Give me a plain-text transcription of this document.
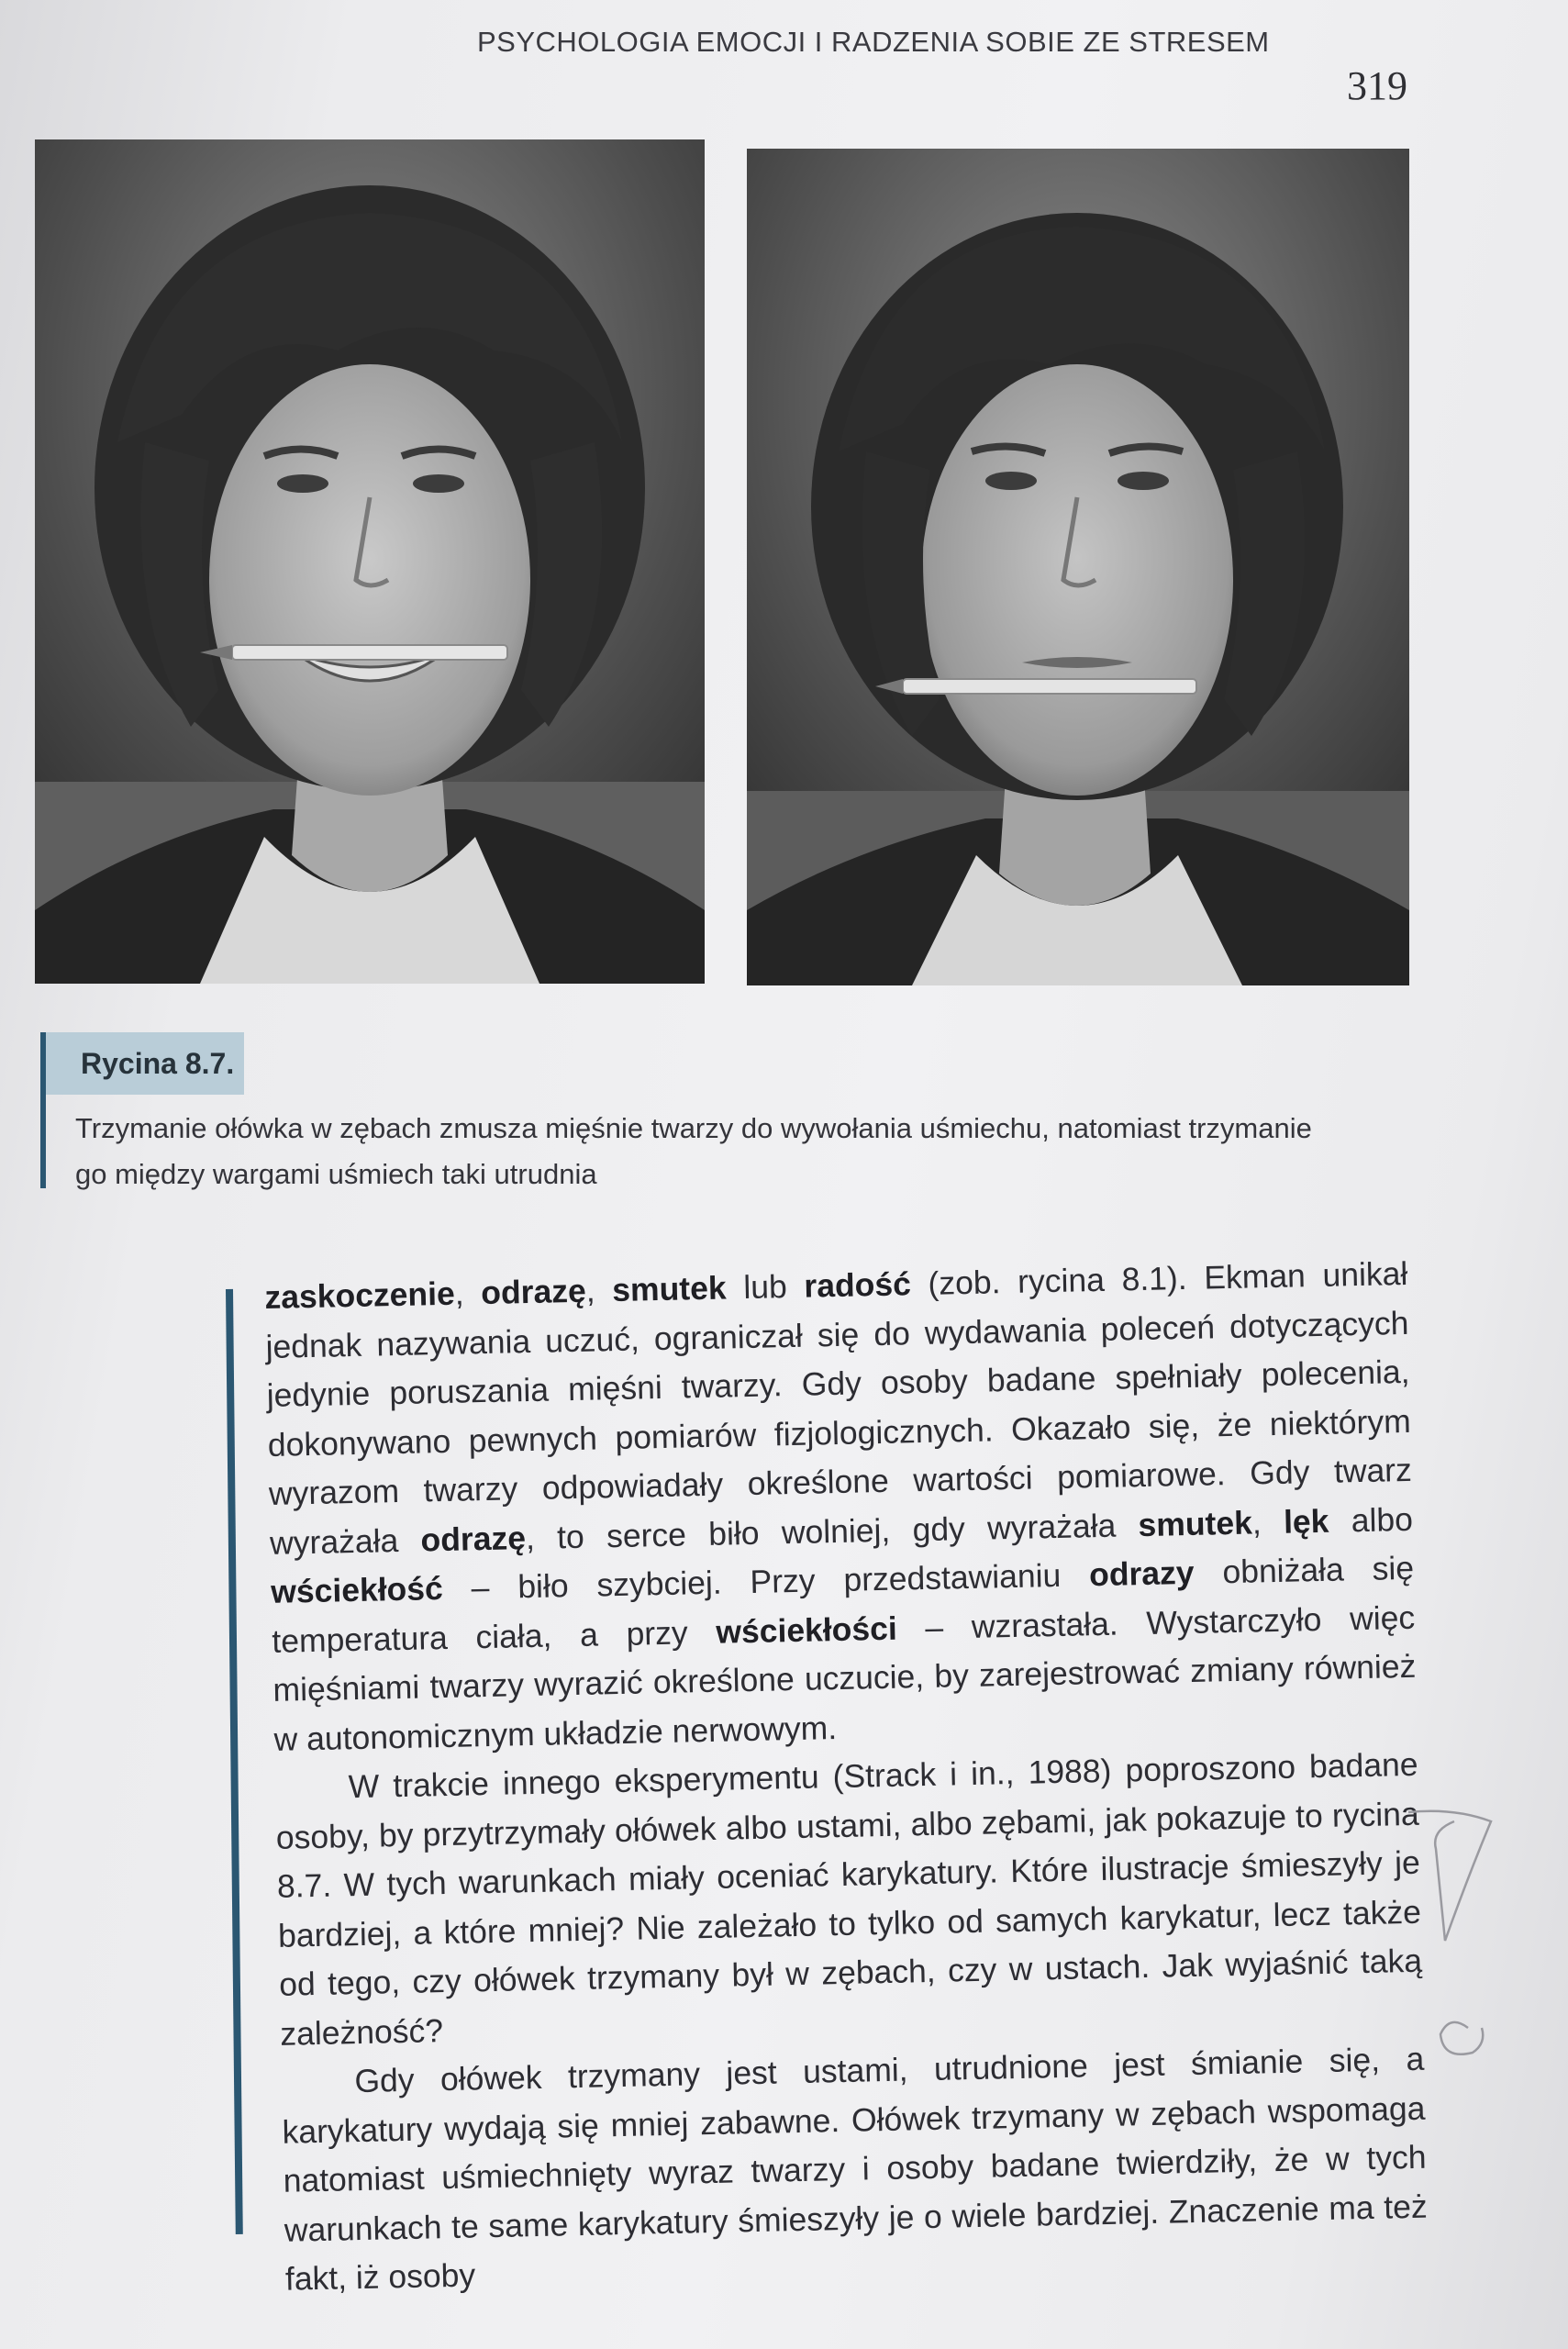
PSYCHOLOGIA EMOCJI I RADZENIA SOBIE ZE STRESEM
319
Rycina 8.7.
Trzymanie ołówka w zębach zmusza mięśnie twarzy do wywołania uśmiechu, natomiast trzymanie
go między wargami uśmiech taki utrudnia

zaskoczenie, odrazę, smutek lub radość (zob. rycina 8.1). Ekman unikał jednak nazywania uczuć, ograniczał się do wydawania poleceń dotyczących jedynie poruszania mięśni twarzy. Gdy osoby badane spełniały polecenia, dokonywano pewnych pomiarów fizjologicznych. Okazało się, że niektórym wyrazom twarzy odpowiadały określone wartości pomiarowe. Gdy twarz wyrażała odrazę, to serce biło wolniej, gdy wyrażała smutek, lęk albo wściekłość – biło szybciej. Przy przedstawianiu odrazy obniżała się temperatura ciała, a przy wściekłości – wzrastała. Wystarczyło więc mięśniami twarzy wyrazić określone uczucie, by zarejestrować zmiany również w autonomicznym układzie nerwowym.

W trakcie innego eksperymentu (Strack i in., 1988) poproszono badane osoby, by przytrzymały ołówek albo ustami, albo zębami, jak pokazuje to rycina 8.7. W tych warunkach miały oceniać karykatury. Które ilustracje śmieszyły je bardziej, a które mniej? Nie zależało to tylko od samych karykatur, lecz także od tego, czy ołówek trzymany był w zębach, czy w ustach. Jak wyjaśnić taką zależność?

Gdy ołówek trzymany jest ustami, utrudnione jest śmianie się, a karykatury wydają się mniej zabawne. Ołówek trzymany w zębach wspomaga natomiast uśmiechnięty wyraz twarzy i osoby badane twierdziły, że w tych warunkach te same karykatury śmieszyły je o wiele bardziej. Znaczenie ma też fakt, iż osoby
